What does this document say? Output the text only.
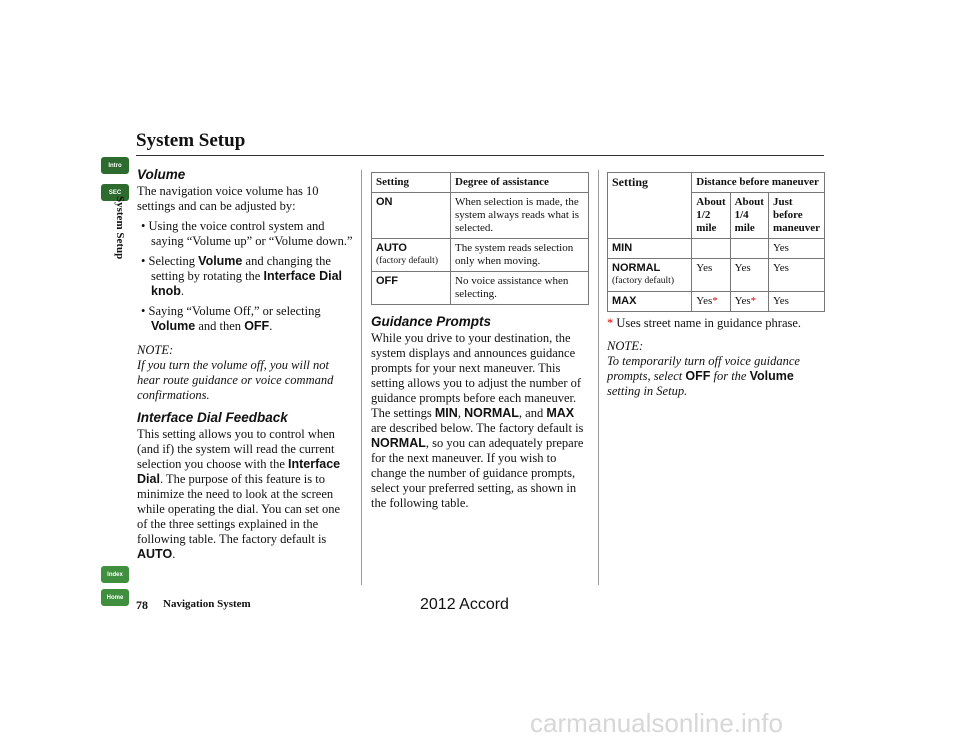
System Setup
Intro
SEC
System Setup
Index
Home
Volume

The navigation voice volume has 10 settings and can be adjusted by:

• Using the voice control system and saying “Volume up” or “Volume down.”

• Selecting Volume and changing the setting by rotating the Interface Dial knob.

• Saying “Volume Off,” or selecting Volume and then OFF.

NOTE:

If you turn the volume off, you will not hear route guidance or voice command confirmations.

Interface Dial Feedback

This setting allows you to control when (and if) the system will read the current selection you choose with the Interface Dial. The purpose of this feature is to minimize the need to look at the screen while operating the dial. You can set one of the three settings explained in the following table. The factory default is AUTO.

Setting	Degree of assistance

ON	When selection is made, the system always reads what is selected.

AUTO
(factory default)	The system reads selection only when moving.

OFF	No voice assistance when selecting.
Guidance Prompts

While you drive to your destination, the system displays and announces guidance prompts for your next maneuver. This setting allows you to adjust the number of guidance prompts before each maneuver. The settings MIN, NORMAL, and MAX are described below. The factory default is NORMAL, so you can adequately prepare for the next maneuver. If you wish to change the number of guidance prompts, select your preferred setting, as shown in the following table.

Setting	Distance before maneuver		
	About 1/2 mile	About 1/4 mile	Just before maneuver

MIN			Yes

NORMAL
(factory default)	Yes	Yes	Yes

MAX	Yes*	Yes*	Yes

* Uses street name in guidance phrase.

NOTE:

To temporarily turn off voice guidance prompts, select OFF for the Volume setting in Setup.

78 Navigation System	2012 Accord
carmanualsonline.info
